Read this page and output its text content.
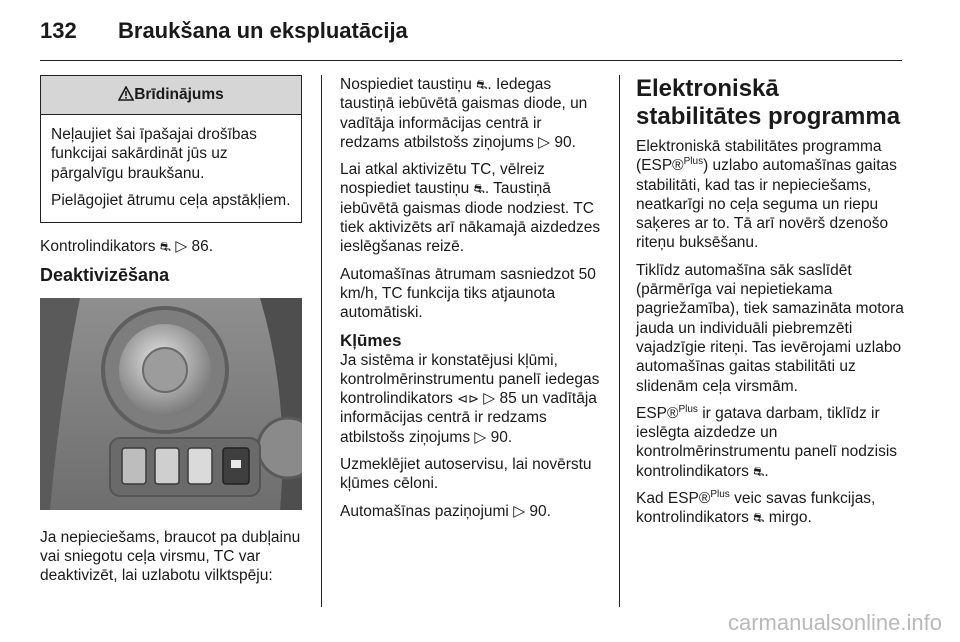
132 Braukšana un ekspluatācija
Brīdinājums

Neļaujiet šai īpašajai drošības funkcijai sakārdināt jūs uz pārgalvīgu braukšanu.

Pielāgojiet ātrumu ceļa apstākļiem.

Kontrolindikators ⛐ ▷ 86.

Deaktivizēšana

Ja nepieciešams, braucot pa dubļainu vai sniegotu ceļa virsmu, TC var deaktivizēt, lai uzlabotu vilktspēju:

Nospiediet taustiņu ⛐. Iedegas taustiņā iebūvētā gaismas diode, un vadītāja informācijas centrā ir redzams atbilstošs ziņojums ▷ 90.

Lai atkal aktivizētu TC, vēlreiz nospiediet taustiņu ⛐. Taustiņā iebūvētā gaismas diode nodziest. TC tiek aktivizēts arī nākamajā aizdedzes ieslēgšanas reizē.

Automašīnas ātrumam sasniedzot 50 km/h, TC funkcija tiks atjaunota automātiski.

Kļūmes

Ja sistēma ir konstatējusi kļūmi, kontrolmērinstrumentu panelī iedegas kontrolindikators ⊲⊳ ▷ 85 un vadītāja informācijas centrā ir redzams atbilstošs ziņojums ▷ 90.

Uzmeklējiet autoservisu, lai novērstu kļūmes cēloni.

Automašīnas paziņojumi ▷ 90.

Elektroniskā stabilitātes programma

Elektroniskā stabilitātes programma (ESP®$^{Plus}$) uzlabo automašīnas gaitas stabilitāti, kad tas ir nepieciešams, neatkarīgi no ceļa seguma un riepu saķeres ar to. Tā arī novērš dzenošo riteņu buksēšanu.

Tiklīdz automašīna sāk saslīdēt (pārmērīga vai nepietiekama pagriežamība), tiek samazināta motora jauda un individuāli piebremzēti vajadzīgie riteņi. Tas ievērojami uzlabo automašīnas gaitas stabilitāti uz slidenām ceļa virsmām.

ESP®$^{Plus}$ ir gatava darbam, tiklīdz ir ieslēgta aizdedze un kontrolmērinstrumentu panelī nodzisis kontrolindikators ⛐.

Kad ESP®$^{Plus}$ veic savas funkcijas, kontrolindikators ⛐ mirgo.

carmanualsonline.info
